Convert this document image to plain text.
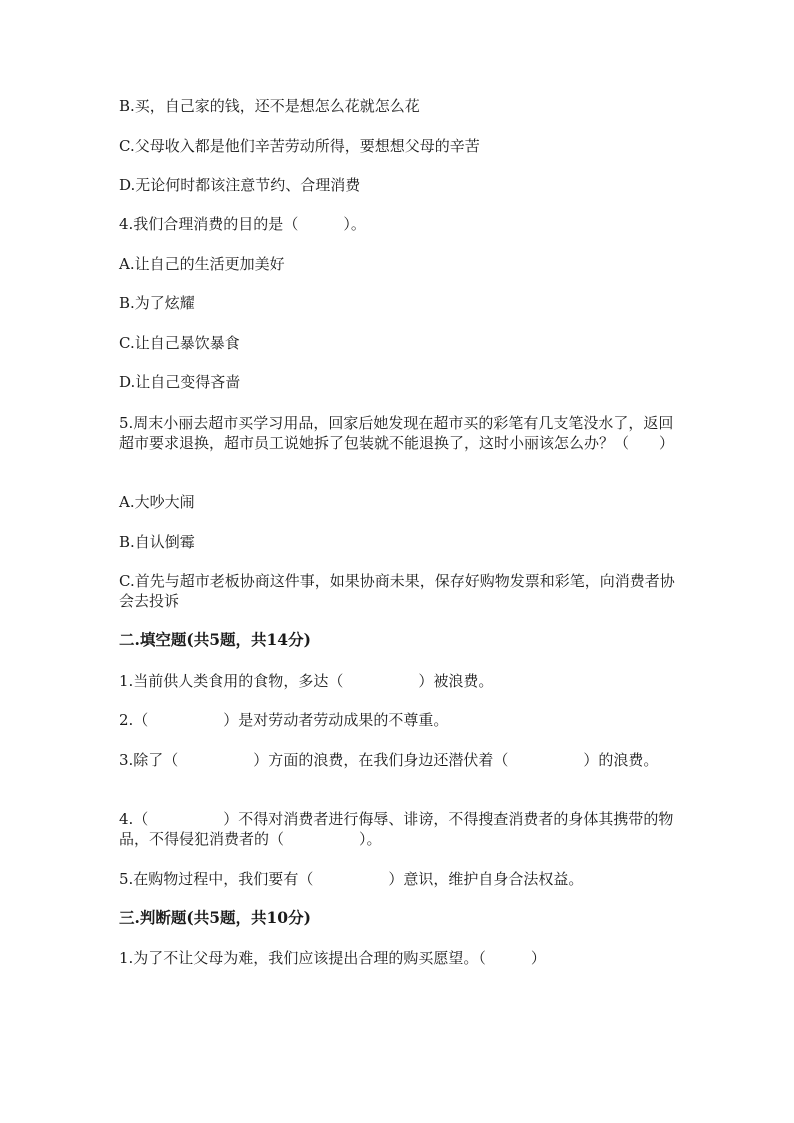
B.买，自己家的钱，还不是想怎么花就怎么花
C.父母收入都是他们辛苦劳动所得，要想想父母的辛苦
D.无论何时都该注意节约、合理消费
4.我们合理消费的目的是（　　　）。
A.让自己的生活更加美好
B.为了炫耀
C.让自己暴饮暴食
D.让自己变得吝啬
5.周末小丽去超市买学习用品，回家后她发现在超市买的彩笔有几支笔没水了，返回超市要求退换，超市员工说她拆了包装就不能退换了，这时小丽该怎么办？（　　）
A.大吵大闹
B.自认倒霉
C.首先与超市老板协商这件事，如果协商未果，保存好购物发票和彩笔，向消费者协会去投诉
二.填空题(共5题，共14分)
1.当前供人类食用的食物，多达（　　　　　）被浪费。
2.（　　　　　）是对劳动者劳动成果的不尊重。
3.除了（　　　　　）方面的浪费，在我们身边还潜伏着（　　　　　）的浪费。
4.（　　　　　）不得对消费者进行侮辱、诽谤，不得搜查消费者的身体其携带的物品，不得侵犯消费者的（　　　　　）。
5.在购物过程中，我们要有（　　　　　）意识，维护自身合法权益。
三.判断题(共5题，共10分)
1.为了不让父母为难，我们应该提出合理的购买愿望。（　　　）
